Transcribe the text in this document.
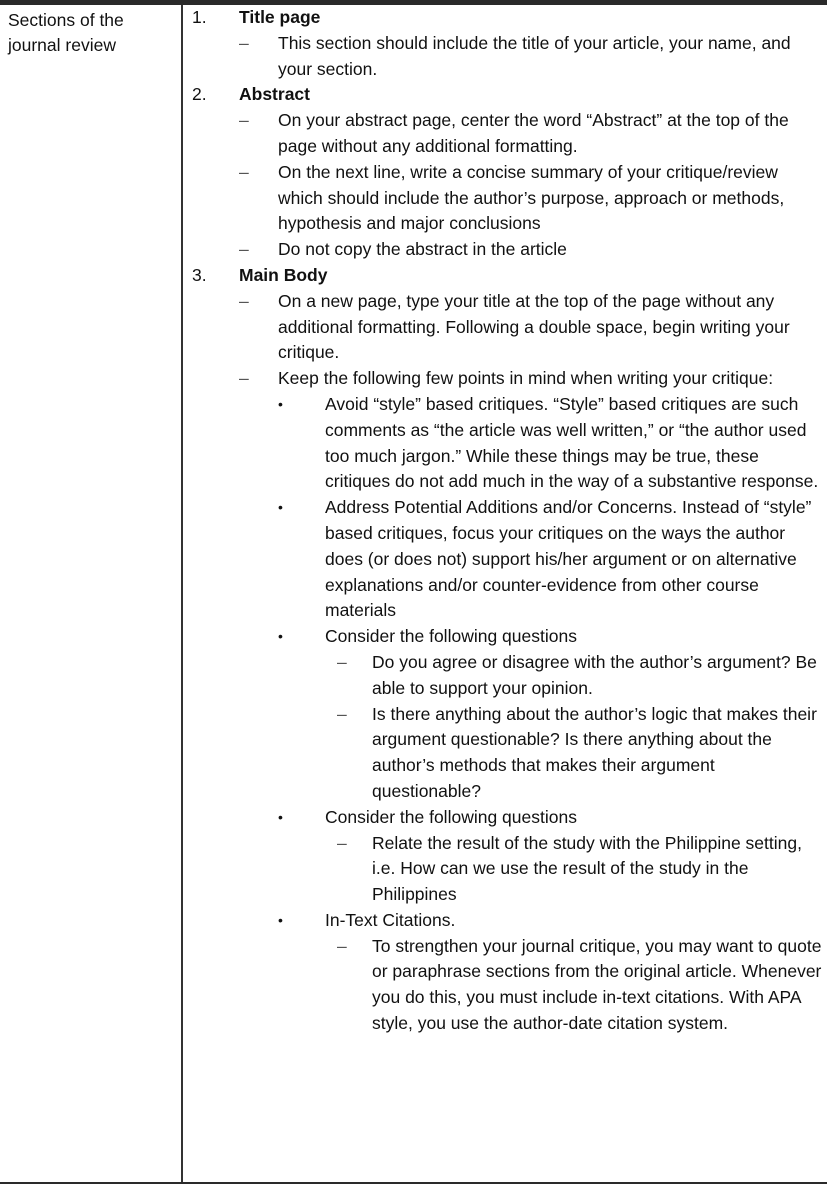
Sections of the journal review
1. Title page
– This section should include the title of your article, your name, and your section.
2. Abstract
– On your abstract page, center the word “Abstract” at the top of the page without any additional formatting.
– On the next line, write a concise summary of your critique/review which should include the author’s purpose, approach or methods, hypothesis and major conclusions
– Do not copy the abstract in the article
3. Main Body
– On a new page, type your title at the top of the page without any additional formatting. Following a double space, begin writing your critique.
– Keep the following few points in mind when writing your critique:
• Avoid “style” based critiques. “Style” based critiques are such comments as “the article was well written,” or “the author used too much jargon.” While these things may be true, these critiques do not add much in the way of a substantive response.
• Address Potential Additions and/or Concerns. Instead of “style” based critiques, focus your critiques on the ways the author does (or does not) support his/her argument or on alternative explanations and/or counter-evidence from other course materials
• Consider the following questions
– Do you agree or disagree with the author’s argument? Be able to support your opinion.
– Is there anything about the author’s logic that makes their argument questionable? Is there anything about the author’s methods that makes their argument questionable?
• Consider the following questions
– Relate the result of the study with the Philippine setting, i.e. How can we use the result of the study in the Philippines
• In-Text Citations.
– To strengthen your journal critique, you may want to quote or paraphrase sections from the original article. Whenever you do this, you must include in-text citations. With APA style, you use the author-date citation system.
